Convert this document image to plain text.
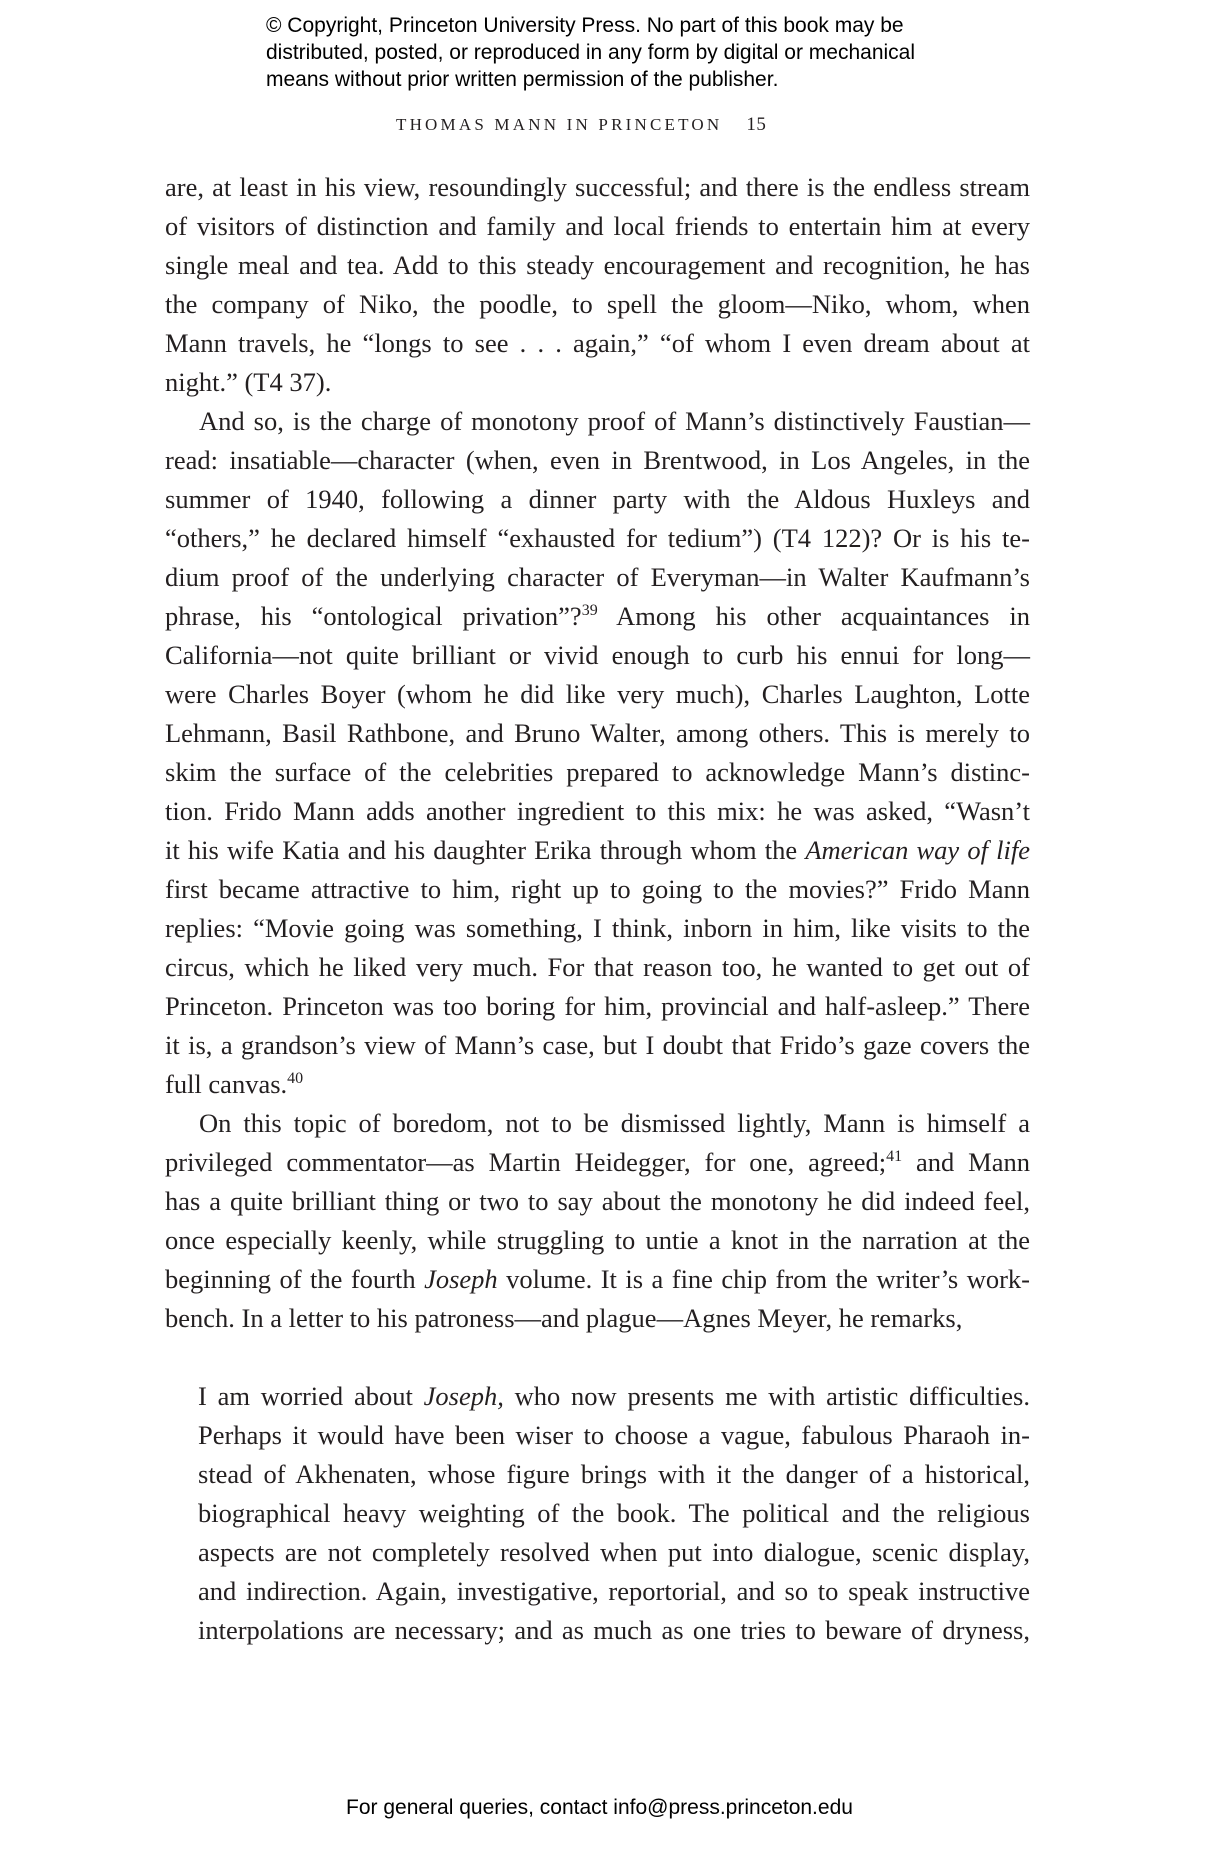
© Copyright, Princeton University Press. No part of this book may be
distributed, posted, or reproduced in any form by digital or mechanical
means without prior written permission of the publisher.
THOMAS MANN IN PRINCETON 15
are, at least in his view, resoundingly successful; and there is the endless stream
of visitors of distinction and family and local friends to entertain him at every
single meal and tea. Add to this steady encouragement and recognition, he has
the company of Niko, the poodle, to spell the gloom—Niko, whom, when
Mann travels, he “longs to see . . . again,” “of whom I even dream about at
night.” (T4 37).
And so, is the charge of monotony proof of Mann’s distinctively Faustian—
read: insatiable—character (when, even in Brentwood, in Los Angeles, in the
summer of 1940, following a dinner party with the Aldous Huxleys and
“others,” he declared himself “exhausted for tedium”) (T4 122)? Or is his te-
dium proof of the underlying character of Everyman—in Walter Kaufmann’s
phrase, his “ontological privation”?$^{39}$ Among his other acquaintances in
California—not quite brilliant or vivid enough to curb his ennui for long—
were Charles Boyer (whom he did like very much), Charles Laughton, Lotte
Lehmann, Basil Rathbone, and Bruno Walter, among others. This is merely to
skim the surface of the celebrities prepared to acknowledge Mann’s distinc-
tion. Frido Mann adds another ingredient to this mix: he was asked, “Wasn’t
it his wife Katia and his daughter Erika through whom the American way of life
first became attractive to him, right up to going to the movies?” Frido Mann
replies: “Movie going was something, I think, inborn in him, like visits to the
circus, which he liked very much. For that reason too, he wanted to get out of
Princeton. Princeton was too boring for him, provincial and half-asleep.” There
it is, a grandson’s view of Mann’s case, but I doubt that Frido’s gaze covers the
full canvas.$^{40}$
On this topic of boredom, not to be dismissed lightly, Mann is himself a
privileged commentator—as Martin Heidegger, for one, agreed;$^{41}$ and Mann
has a quite brilliant thing or two to say about the monotony he did indeed feel,
once especially keenly, while struggling to untie a knot in the narration at the
beginning of the fourth Joseph volume. It is a fine chip from the writer’s work-
bench. In a letter to his patroness—and plague—Agnes Meyer, he remarks,
I am worried about Joseph, who now presents me with artistic difficulties.
Perhaps it would have been wiser to choose a vague, fabulous Pharaoh in-
stead of Akhenaten, whose figure brings with it the danger of a historical,
biographical heavy weighting of the book. The political and the religious
aspects are not completely resolved when put into dialogue, scenic display,
and indirection. Again, investigative, reportorial, and so to speak instructive
interpolations are necessary; and as much as one tries to beware of dryness,
For general queries, contact info@press.princeton.edu
